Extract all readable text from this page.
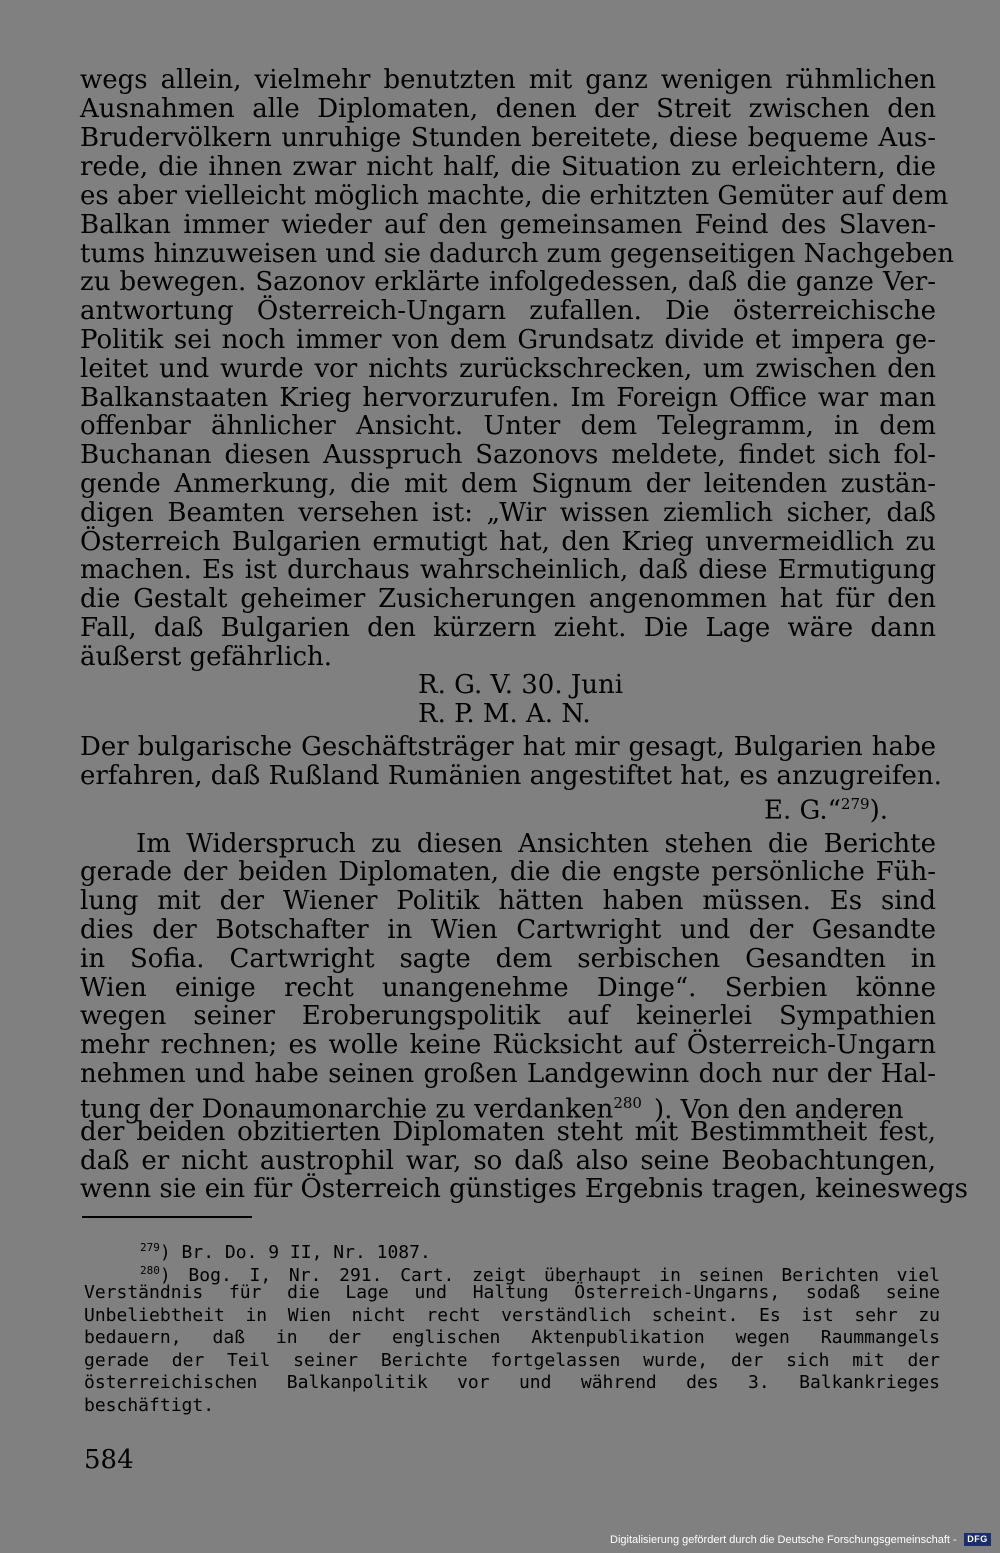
wegs allein, vielmehr benutzten mit ganz wenigen rühmlichen
Ausnahmen alle Diplomaten, denen der Streit zwischen den
Brudervölkern unruhige Stunden bereitete, diese bequeme Aus-
rede, die ihnen zwar nicht half, die Situation zu erleichtern, die
es aber vielleicht möglich machte, die erhitzten Gemüter auf dem
Balkan immer wieder auf den gemeinsamen Feind des Slaven-
tums hinzuweisen und sie dadurch zum gegenseitigen Nachgeben
zu bewegen. Sazonov erklärte infolgedessen, daß die ganze Ver-
antwortung Österreich-Ungarn zufallen. Die österreichische
Politik sei noch immer von dem Grundsatz divide et impera ge-
leitet und wurde vor nichts zurückschrecken, um zwischen den
Balkanstaaten Krieg hervorzurufen. Im Foreign Office war man
offenbar ähnlicher Ansicht. Unter dem Telegramm, in dem
Buchanan diesen Ausspruch Sazonovs meldete, findet sich fol-
gende Anmerkung, die mit dem Signum der leitenden zustän-
digen Beamten versehen ist: „Wir wissen ziemlich sicher, daß
Österreich Bulgarien ermutigt hat, den Krieg unvermeidlich zu
machen. Es ist durchaus wahrscheinlich, daß diese Ermutigung
die Gestalt geheimer Zusicherungen angenommen hat für den
Fall, daß Bulgarien den kürzern zieht. Die Lage wäre dann
äußerst gefährlich.
R. G. V. 30. Juni
R. P. M. A. N.
Der bulgarische Geschäftsträger hat mir gesagt, Bulgarien habe
erfahren, daß Rußland Rumänien angestiftet hat, es anzugreifen.
E. G.“$^{279}$).
Im Widerspruch zu diesen Ansichten stehen die Berichte
gerade der beiden Diplomaten, die die engste persönliche Füh-
lung mit der Wiener Politik hätten haben müssen. Es sind
dies der Botschafter in Wien Cartwright und der Gesandte
in Sofia. Cartwright sagte dem serbischen Gesandten in
Wien einige recht unangenehme Dinge“. Serbien könne
wegen seiner Eroberungspolitik auf keinerlei Sympathien
mehr rechnen; es wolle keine Rücksicht auf Österreich-Ungarn
nehmen und habe seinen großen Landgewinn doch nur der Hal-
tung der Donaumonarchie zu verdanken$^{280}$ ). Von den anderen
der beiden obzitierten Diplomaten steht mit Bestimmtheit fest,
daß er nicht austrophil war, so daß also seine Beobachtungen,
wenn sie ein für Österreich günstiges Ergebnis tragen, keineswegs
$^{279}$) Br. Do. 9 II, Nr. 1087.
$^{280}$) Bog. I, Nr. 291. Cart. zeigt überhaupt in seinen Berichten viel
Verständnis für die Lage und Haltung Österreich-Ungarns, sodaß seine
Unbeliebtheit in Wien nicht recht verständlich scheint. Es ist sehr zu
bedauern, daß in der englischen Aktenpublikation wegen Raummangels
gerade der Teil seiner Berichte fortgelassen wurde, der sich mit der
österreichischen Balkanpolitik vor und während des 3. Balkankrieges
beschäftigt.
584
Digitalisierung gefördert durch die Deutsche Forschungsgemeinschaft -	DFG
